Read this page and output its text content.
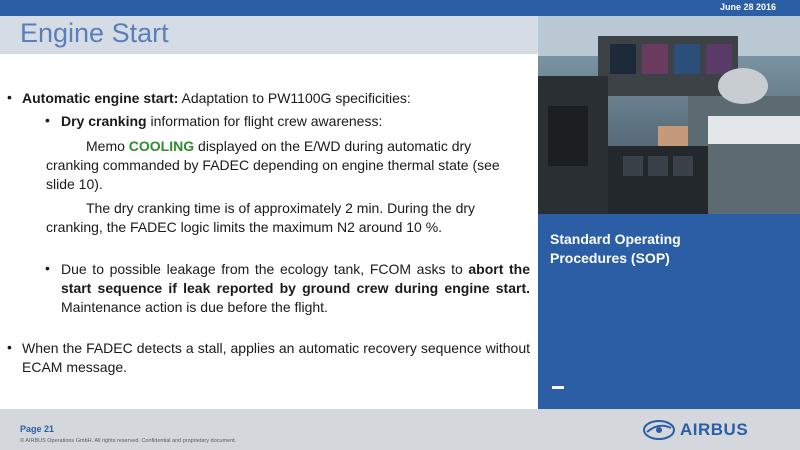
June 28 2016
Engine Start
• Automatic engine start: Adaptation to PW1100G specificities:
• Dry cranking information for flight crew awareness:
Memo COOLING displayed on the E/WD during automatic dry cranking commanded by FADEC depending on engine thermal state (see slide 10).
The dry cranking time is of approximately 2 min. During the dry cranking, the FADEC logic limits the maximum N2 around 10 %.
• Due to possible leakage from the ecology tank, FCOM asks to abort the start sequence if leak reported by ground crew during engine start. Maintenance action is due before the flight.
• When the FADEC detects a stall, applies an automatic recovery sequence without ECAM message.
Standard Operating Procedures (SOP)
Page 21
© AIRBUS Operations GmbH. All rights reserved. Confidential and proprietary document.
AIRBUS
